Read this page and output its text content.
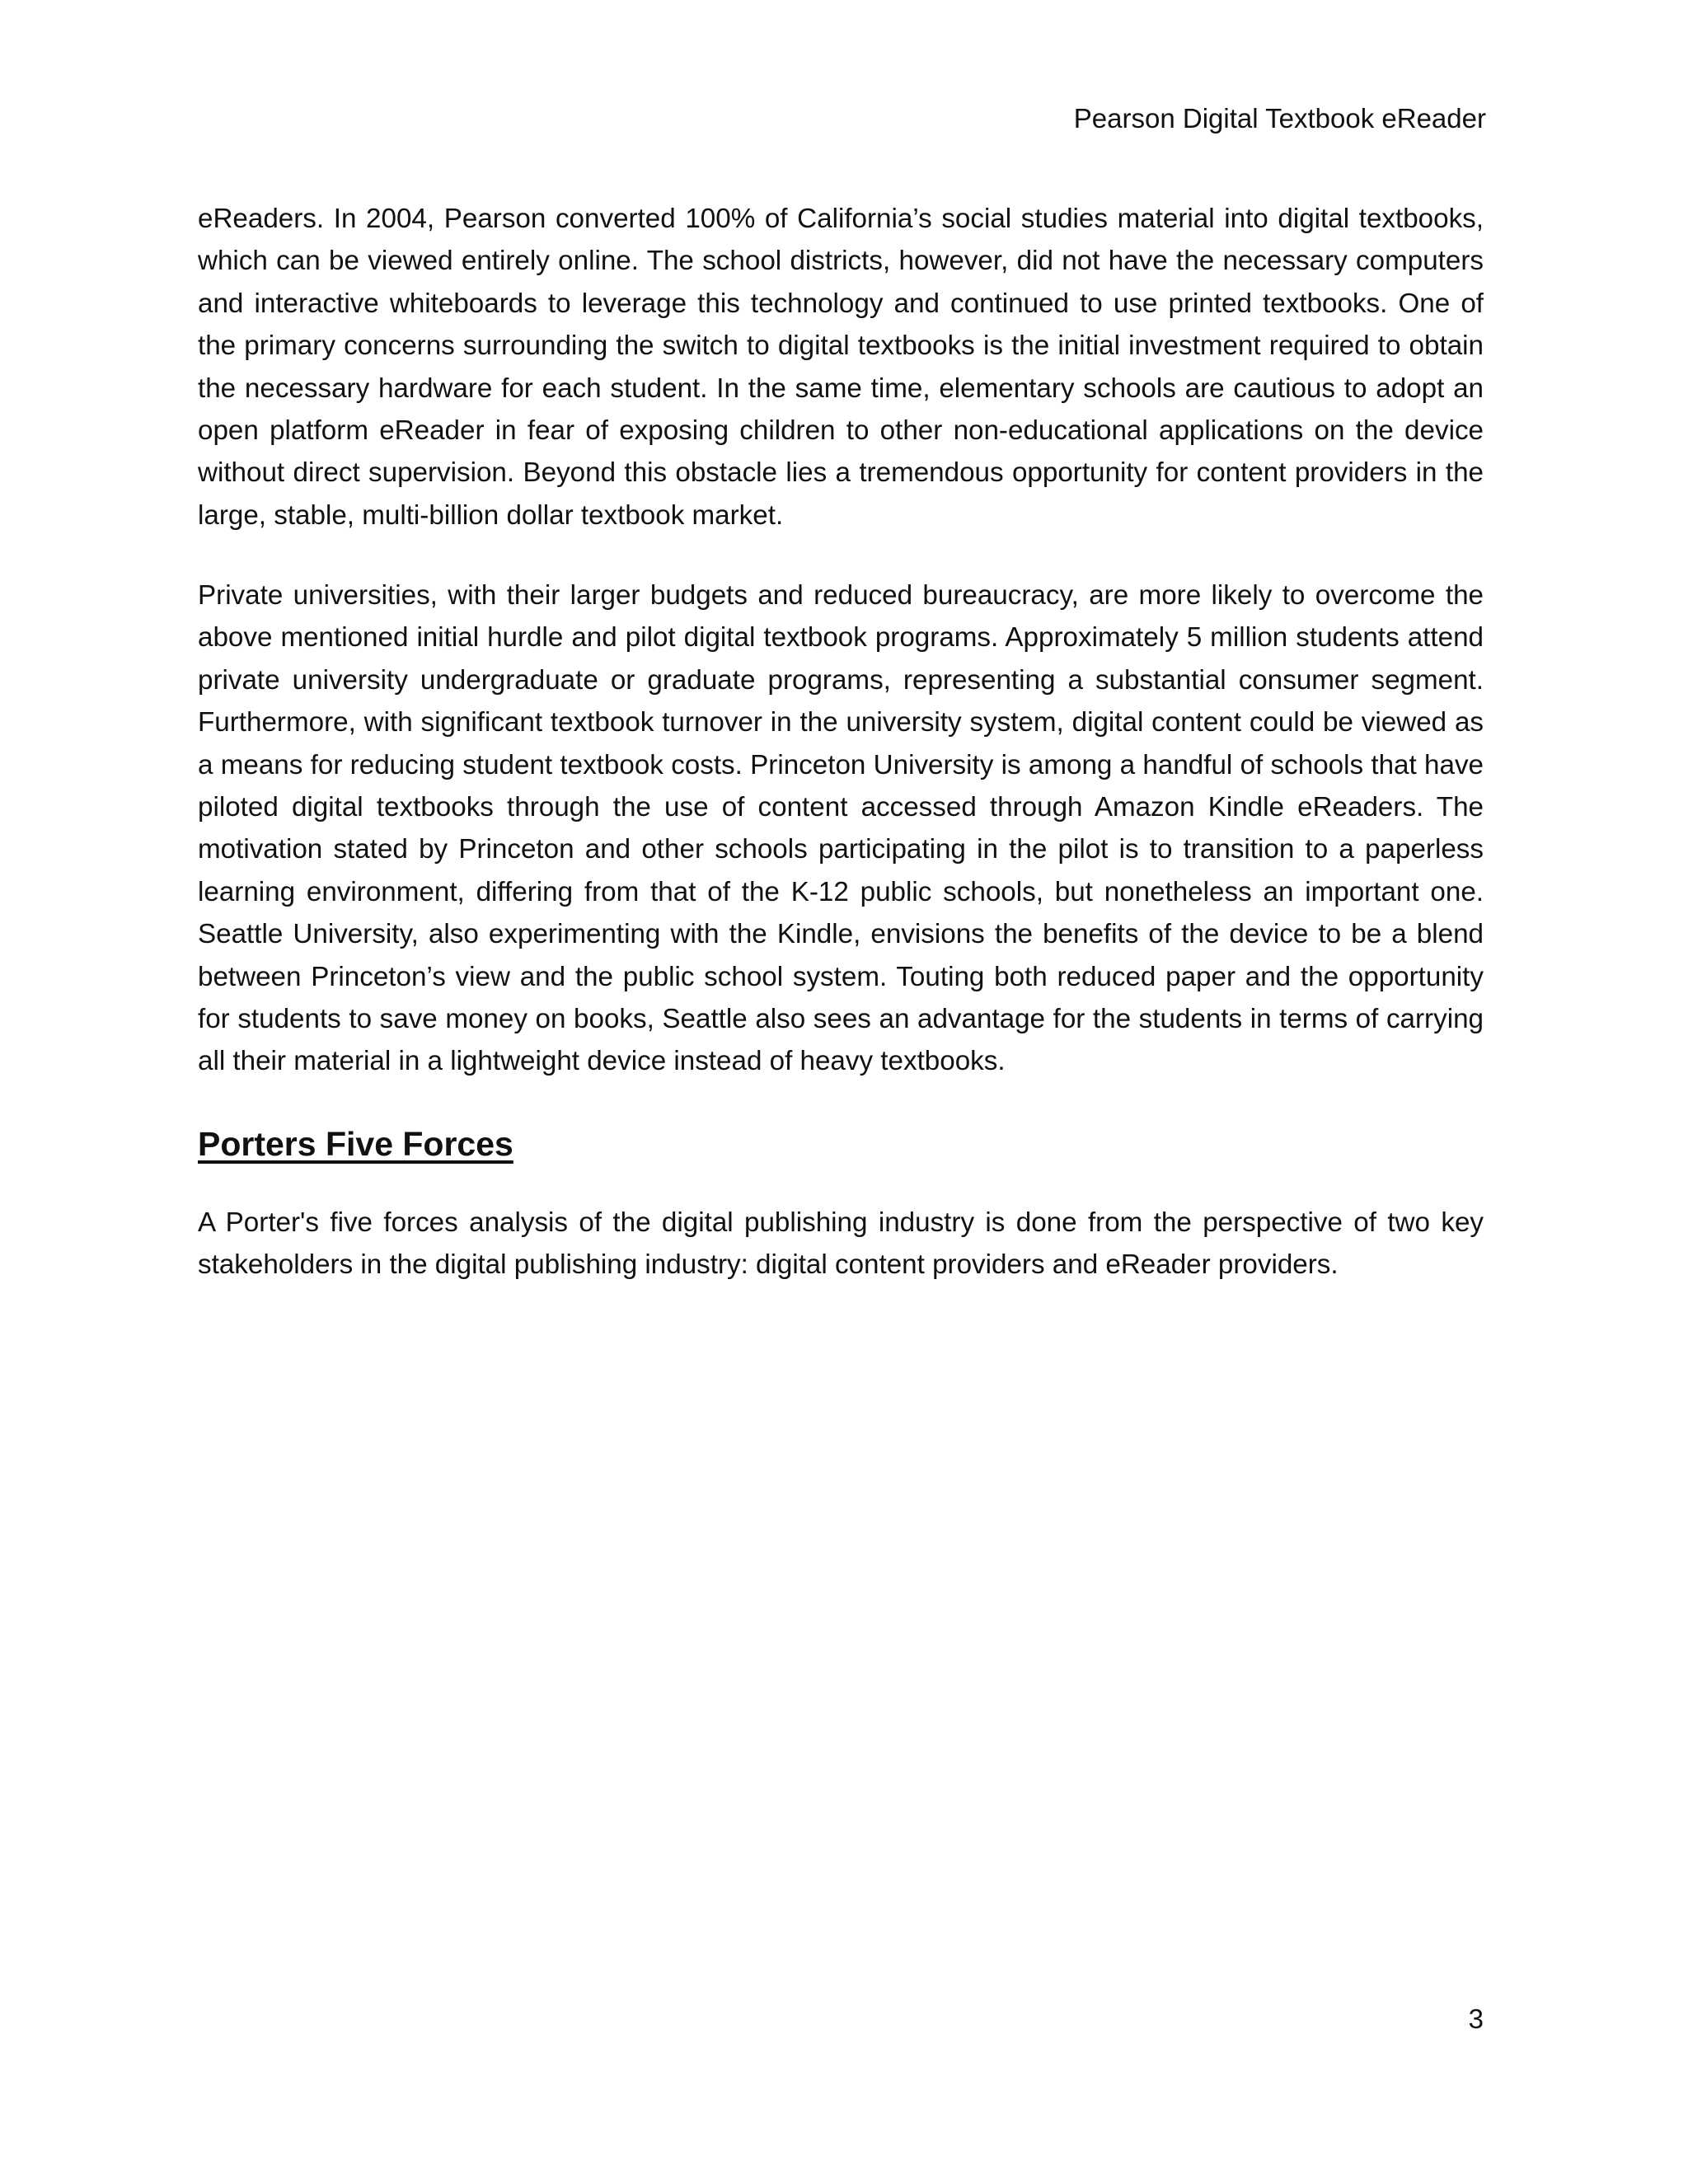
Pearson Digital Textbook eReader

eReaders. In 2004, Pearson converted 100% of California’s social studies material into digital textbooks, which can be viewed entirely online. The school districts, however, did not have the necessary computers and interactive whiteboards to leverage this technology and continued to use printed textbooks. One of the primary concerns surrounding the switch to digital textbooks is the initial investment required to obtain the necessary hardware for each student. In the same time, elementary schools are cautious to adopt an open platform eReader in fear of exposing children to other non-educational applications on the device without direct supervision. Beyond this obstacle lies a tremendous opportunity for content providers in the large, stable, multi-billion dollar textbook market.

Private universities, with their larger budgets and reduced bureaucracy, are more likely to overcome the above mentioned initial hurdle and pilot digital textbook programs. Approximately 5 million students attend private university undergraduate or graduate programs, representing a substantial consumer segment. Furthermore, with significant textbook turnover in the university system, digital content could be viewed as a means for reducing student textbook costs. Princeton University is among a handful of schools that have piloted digital textbooks through the use of content accessed through Amazon Kindle eReaders. The motivation stated by Princeton and other schools participating in the pilot is to transition to a paperless learning environment, differing from that of the K-12 public schools, but nonetheless an important one. Seattle University, also experimenting with the Kindle, envisions the benefits of the device to be a blend between Princeton’s view and the public school system. Touting both reduced paper and the opportunity for students to save money on books, Seattle also sees an advantage for the students in terms of carrying all their material in a lightweight device instead of heavy textbooks.

Porters Five Forces

A Porter's five forces analysis of the digital publishing industry is done from the perspective of two key stakeholders in the digital publishing industry: digital content providers and eReader providers.

3
